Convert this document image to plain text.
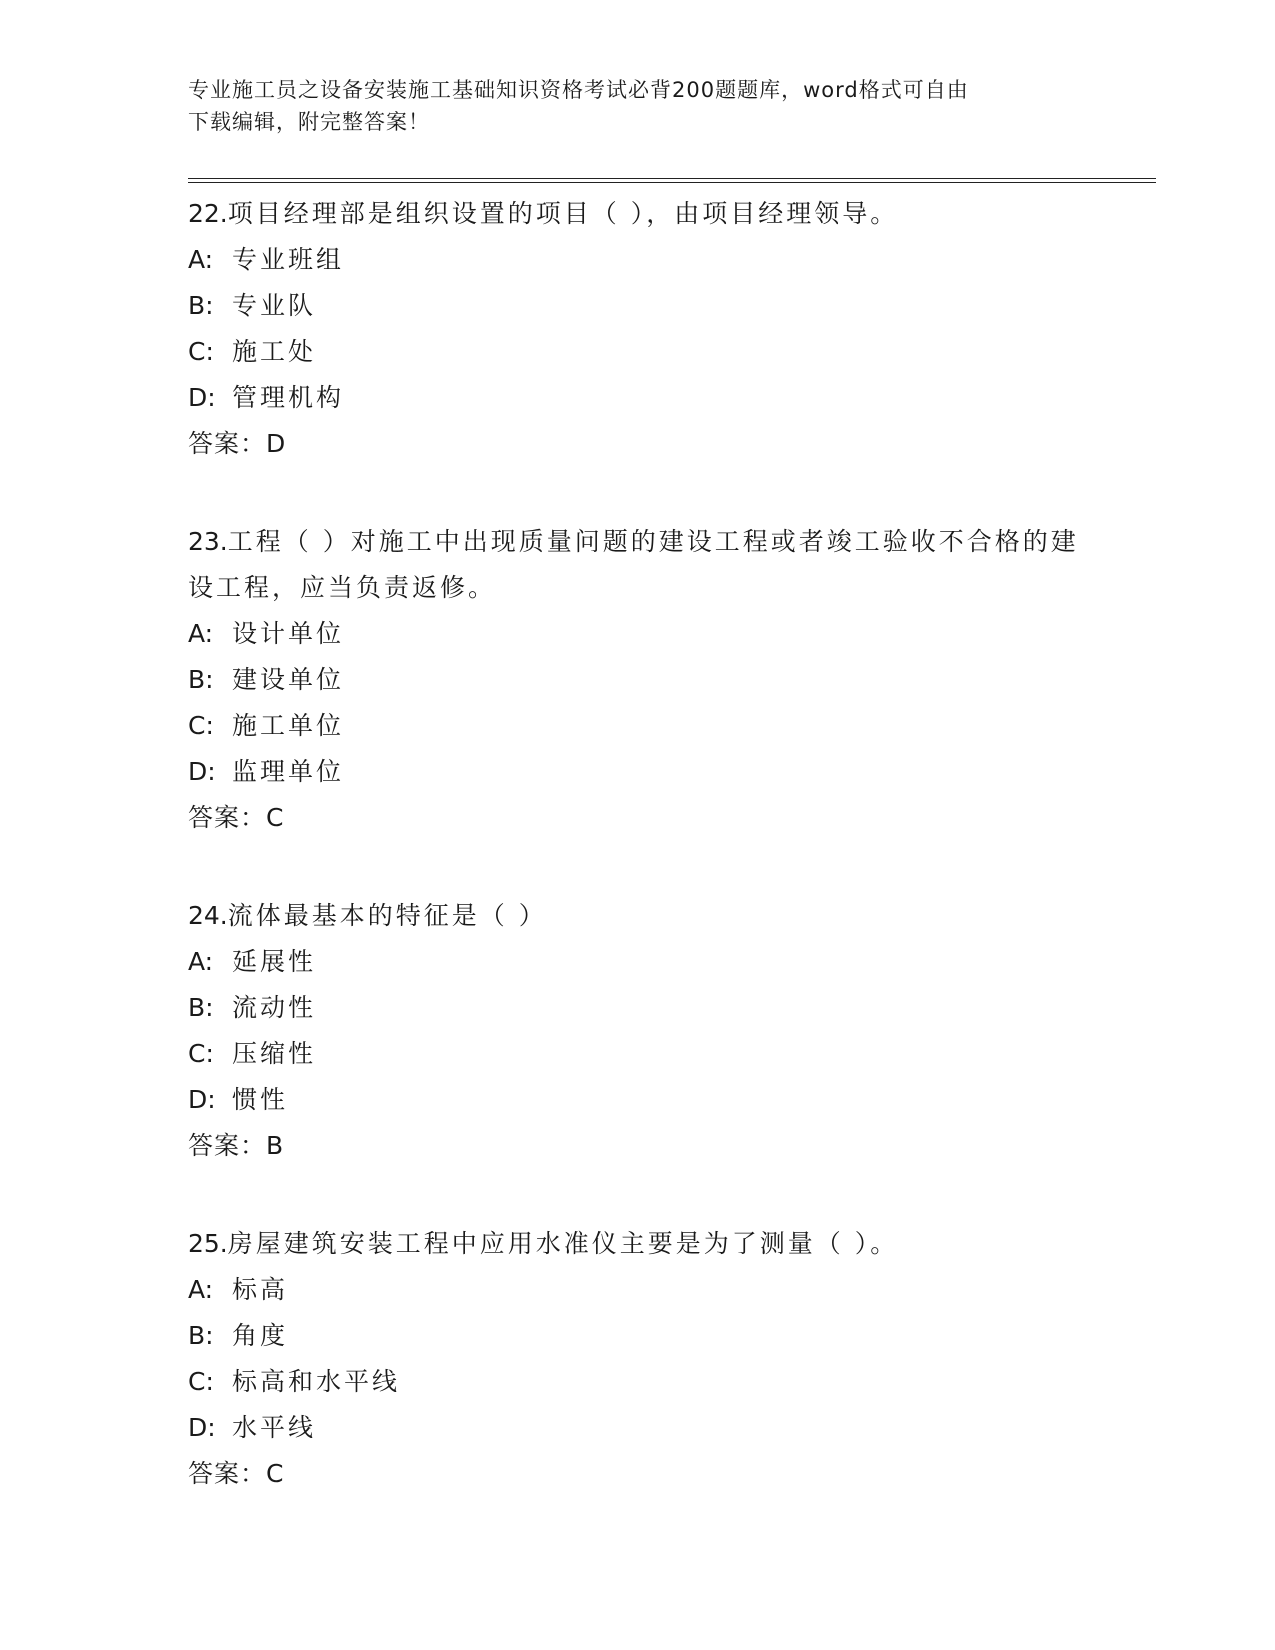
专业施工员之设备安装施工基础知识资格考试必背200题题库，word格式可自由
下载编辑，附完整答案！

22.项目经理部是组织设置的项目（ ），由项目经理领导。

A: 专业班组

B: 专业队

C: 施工处

D: 管理机构

答案：D

23.工程（ ）对施工中出现质量问题的建设工程或者竣工验收不合格的建设工程，应当负责返修。

A: 设计单位

B: 建设单位

C: 施工单位

D: 监理单位

答案：C

24.流体最基本的特征是（ ）

A: 延展性

B: 流动性

C: 压缩性

D: 惯性

答案：B

25.房屋建筑安装工程中应用水准仪主要是为了测量（ ）。

A: 标高

B: 角度

C: 标高和水平线

D: 水平线

答案：C
